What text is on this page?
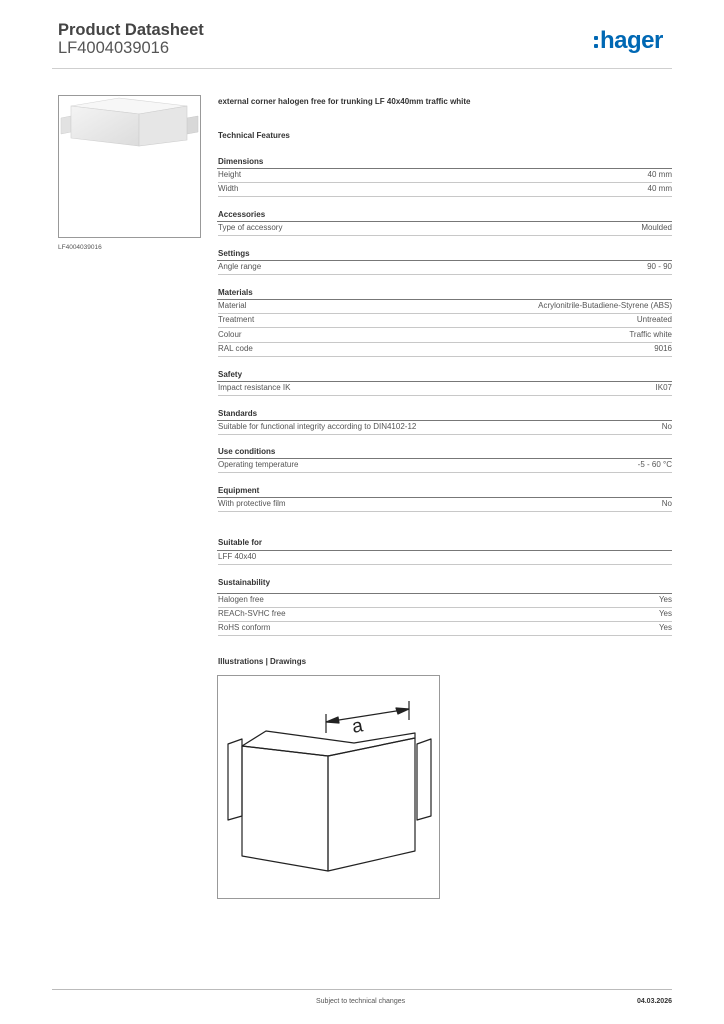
Product Datasheet
LF4004039016	hager
LF4004039016
external corner halogen free for trunking LF 40x40mm traffic white
Technical Features
Dimensions
Height	40 mm
Width	40 mm
Accessories
Type of accessory	Moulded
Settings
Angle range	90 - 90
Materials
Material	Acrylonitrile-Butadiene-Styrene (ABS)
Treatment	Untreated
Colour	Traffic white
RAL code	9016
Safety
Impact resistance IK	IK07
Standards
Suitable for functional integrity according to DIN4102-12	No
Use conditions
Operating temperature	-5 - 60 °C
Equipment
With protective film	No
Suitable for
LFF 40x40
Sustainability
Halogen free	Yes
REACh-SVHC free	Yes
RoHS conform	Yes
Illustrations | Drawings
a
Subject to technical changes	04.03.2026
